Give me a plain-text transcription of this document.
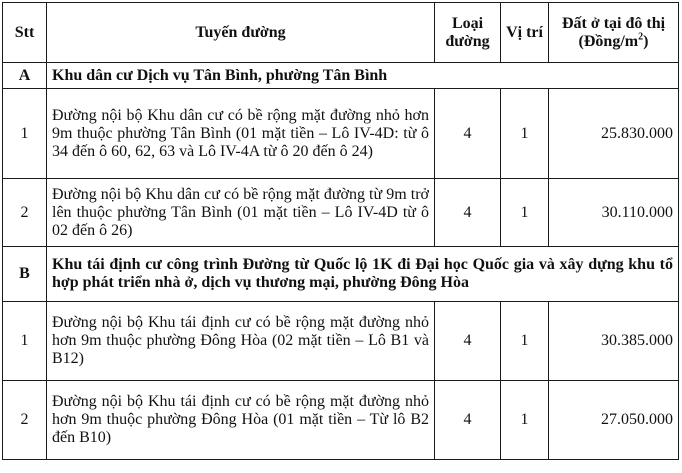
Stt	Tuyến đường	Loại đường	Vị trí	Đất ở tại đô thị $(Đồng/m^2)$
A	Khu dân cư Dịch vụ Tân Bình, phường Tân Bình			
1	Đường nội bộ Khu dân cư có bề rộng mặt đường nhỏ hơn 9m thuộc phường Tân Bình (01 mặt tiền – Lô IV-4D: từ ô 34 đến ô 60, 62, 63 và Lô IV-4A từ ô 20 đến ô 24)	4	1	25.830.000
2	Đường nội bộ Khu dân cư có bề rộng mặt đường từ 9m trở lên thuộc phường Tân Bình (01 mặt tiền – Lô IV-4D từ ô 02 đến ô 26)	4	1	30.110.000
B	Khu tái định cư công trình Đường từ Quốc lộ 1K đi Đại học Quốc gia và xây dựng khu tổ hợp phát triển nhà ở, dịch vụ thương mại, phường Đông Hòa			
1	Đường nội bộ Khu tái định cư có bề rộng mặt đường nhỏ hơn 9m thuộc phường Đông Hòa (02 mặt tiền – Lô B1 và B12)	4	1	30.385.000
2	Đường nội bộ Khu tái định cư có bề rộng mặt đường nhỏ hơn 9m thuộc phường Đông Hòa (01 mặt tiền – Từ lô B2 đến B10)	4	1	27.050.000
